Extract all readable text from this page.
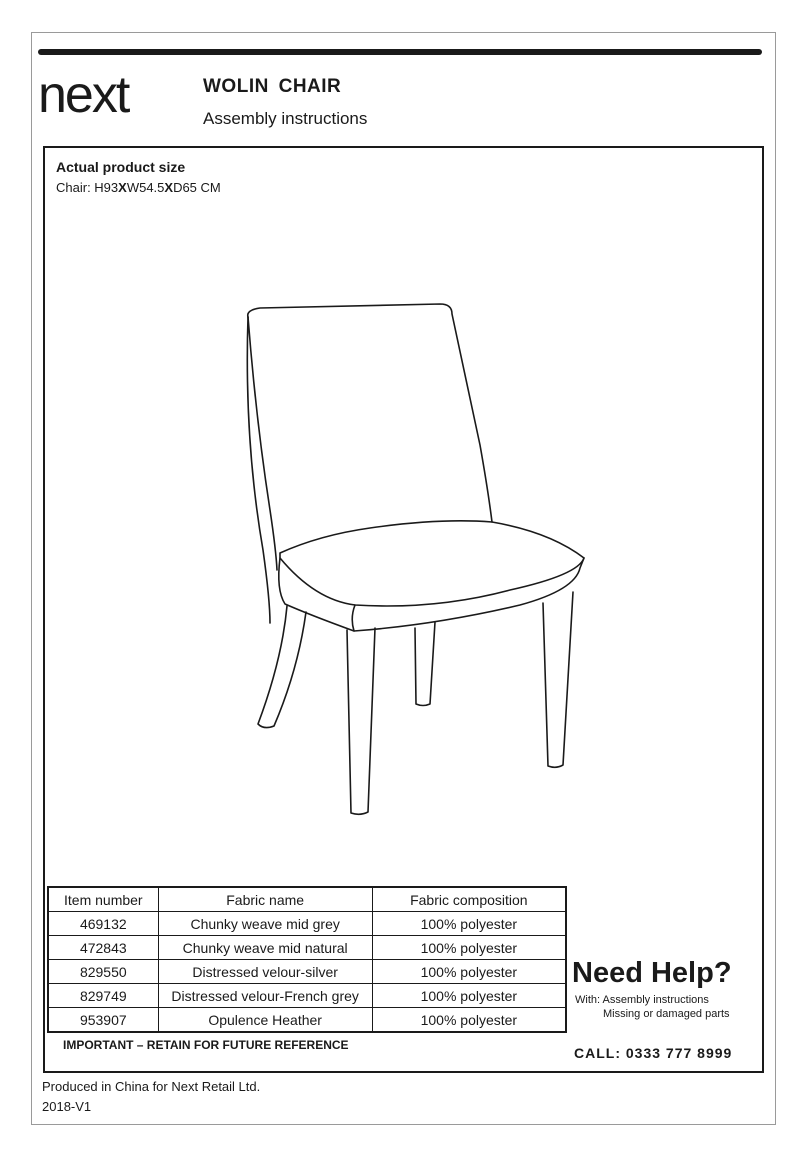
next	WOLIN CHAIR

Assembly instructions

Actual product size
Chair: H93XW54.5XD65 CM
Item number	Fabric name	Fabric composition
469132	Chunky weave mid grey	100% polyester
472843	Chunky weave mid natural	100% polyester
829550	Distressed velour-silver	100% polyester
829749	Distressed velour-French grey	100% polyester
953907	Opulence Heather	100% polyester
IMPORTANT – RETAIN FOR FUTURE REFERENCE
Need Help?
With: Assembly instructions
Missing or damaged parts
CALL: 0333 777 8999
Produced in China for Next Retail Ltd.
2018-V1
